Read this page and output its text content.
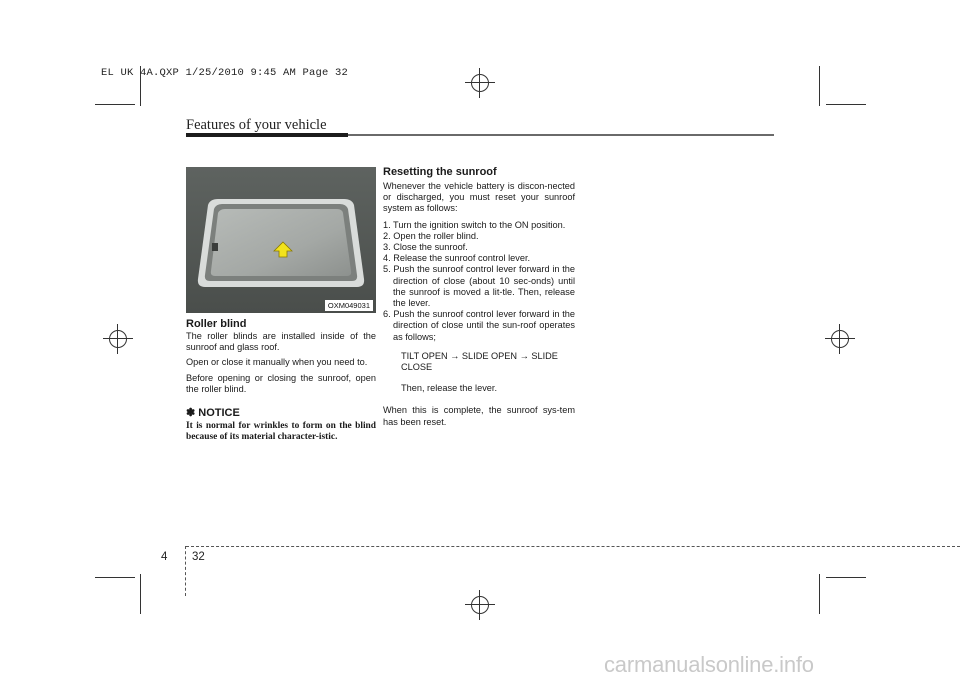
EL UK 4A.QXP 1/25/2010 9:45 AM Page 32
Features of your vehicle
OXM049031
Roller blind

The roller blinds are installed inside of the sunroof and glass roof.

Open or close it manually when you need to.

Before opening or closing the sunroof, open the roller blind.

✽ NOTICE
It is normal for wrinkles to form on the blind because of its material character-istic.
Resetting the sunroof

Whenever the vehicle battery is discon-nected or discharged, you must reset your sunroof system as follows:

1. Turn the ignition switch to the ON position.
2. Open the roller blind.
3. Close the sunroof.
4. Release the sunroof control lever.
5. Push the sunroof control lever forward in the direction of close (about 10 sec-onds) until the sunroof is moved a lit-tle. Then, release the lever.
6. Push the sunroof control lever forward in the direction of close until the sun-roof operates as follows;
TILT OPEN → SLIDE OPEN → SLIDE CLOSE
Then, release the lever.

When this is complete, the sunroof sys-tem has been reset.

4 32
carmanualsonline.info
